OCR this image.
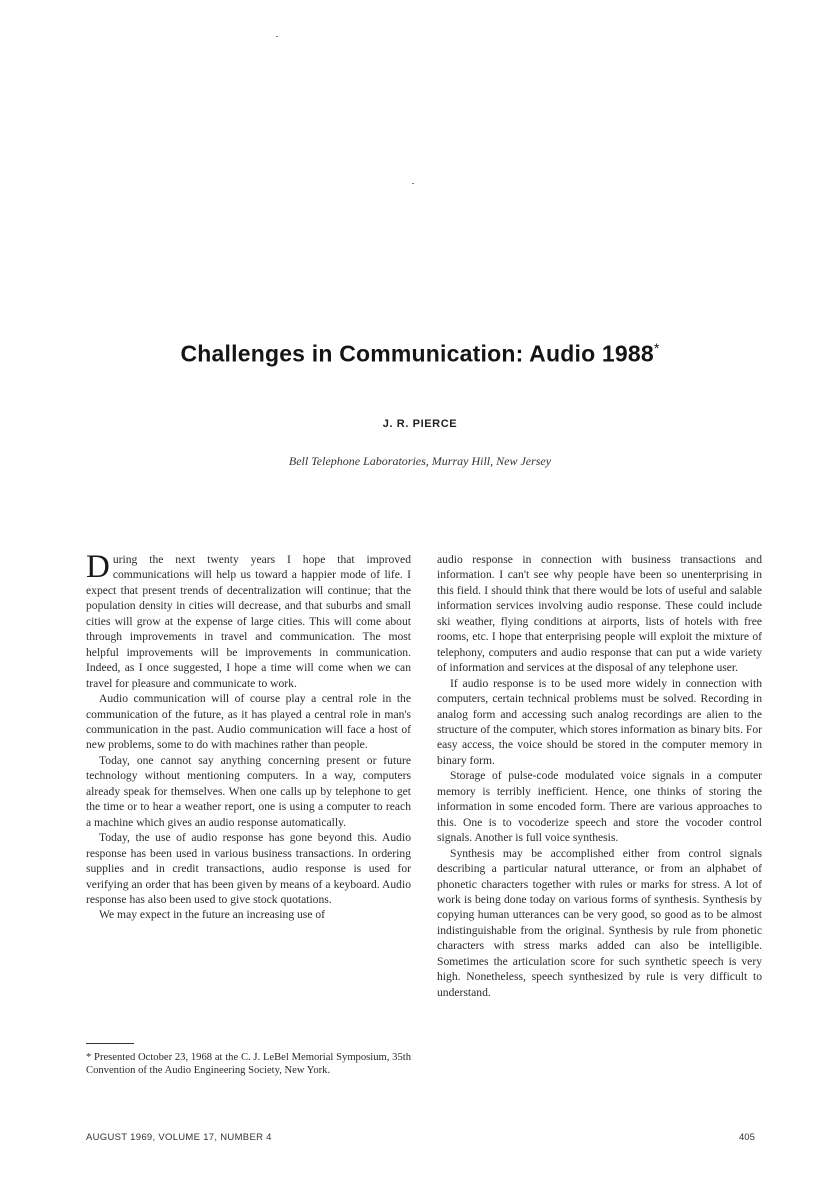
Challenges in Communication: Audio 1988*
J. R. PIERCE
Bell Telephone Laboratories, Murray Hill, New Jersey

During the next twenty years I hope that improved communications will help us toward a happier mode of life. I expect that present trends of decentralization will continue; that the population density in cities will decrease, and that suburbs and small cities will grow at the expense of large cities. This will come about through improvements in travel and communication. The most helpful improvements will be improvements in communication. Indeed, as I once suggested, I hope a time will come when we can travel for pleasure and communicate to work.

Audio communication will of course play a central role in the communication of the future, as it has played a central role in man's communication in the past. Audio communication will face a host of new problems, some to do with machines rather than people.

Today, one cannot say anything concerning present or future technology without mentioning computers. In a way, computers already speak for themselves. When one calls up by telephone to get the time or to hear a weather report, one is using a computer to reach a machine which gives an audio response automatically.

Today, the use of audio response has gone beyond this. Audio response has been used in various business transactions. In ordering supplies and in credit transactions, audio response is used for verifying an order that has been given by means of a keyboard. Audio response has also been used to give stock quotations.

We may expect in the future an increasing use of

audio response in connection with business transactions and information. I can't see why people have been so unenterprising in this field. I should think that there would be lots of useful and salable information services involving audio response. These could include ski weather, flying conditions at airports, lists of hotels with free rooms, etc. I hope that enterprising people will exploit the mixture of telephony, computers and audio response that can put a wide variety of information and services at the disposal of any telephone user.

If audio response is to be used more widely in connection with computers, certain technical problems must be solved. Recording in analog form and accessing such analog recordings are alien to the structure of the computer, which stores information as binary bits. For easy access, the voice should be stored in the computer memory in binary form.

Storage of pulse-code modulated voice signals in a computer memory is terribly inefficient. Hence, one thinks of storing the information in some encoded form. There are various approaches to this. One is to vocoderize speech and store the vocoder control signals. Another is full voice synthesis.

Synthesis may be accomplished either from control signals describing a particular natural utterance, or from an alphabet of phonetic characters together with rules or marks for stress. A lot of work is being done today on various forms of synthesis. Synthesis by copying human utterances can be very good, so good as to be almost indistinguishable from the original. Synthesis by rule from phonetic characters with stress marks added can also be intelligible. Sometimes the articulation score for such synthetic speech is very high. Nonetheless, speech synthesized by rule is very difficult to understand.

* Presented October 23, 1968 at the C. J. LeBel Memorial Symposium, 35th Convention of the Audio Engineering Society, New York.
AUGUST 1969, VOLUME 17, NUMBER 4	405
